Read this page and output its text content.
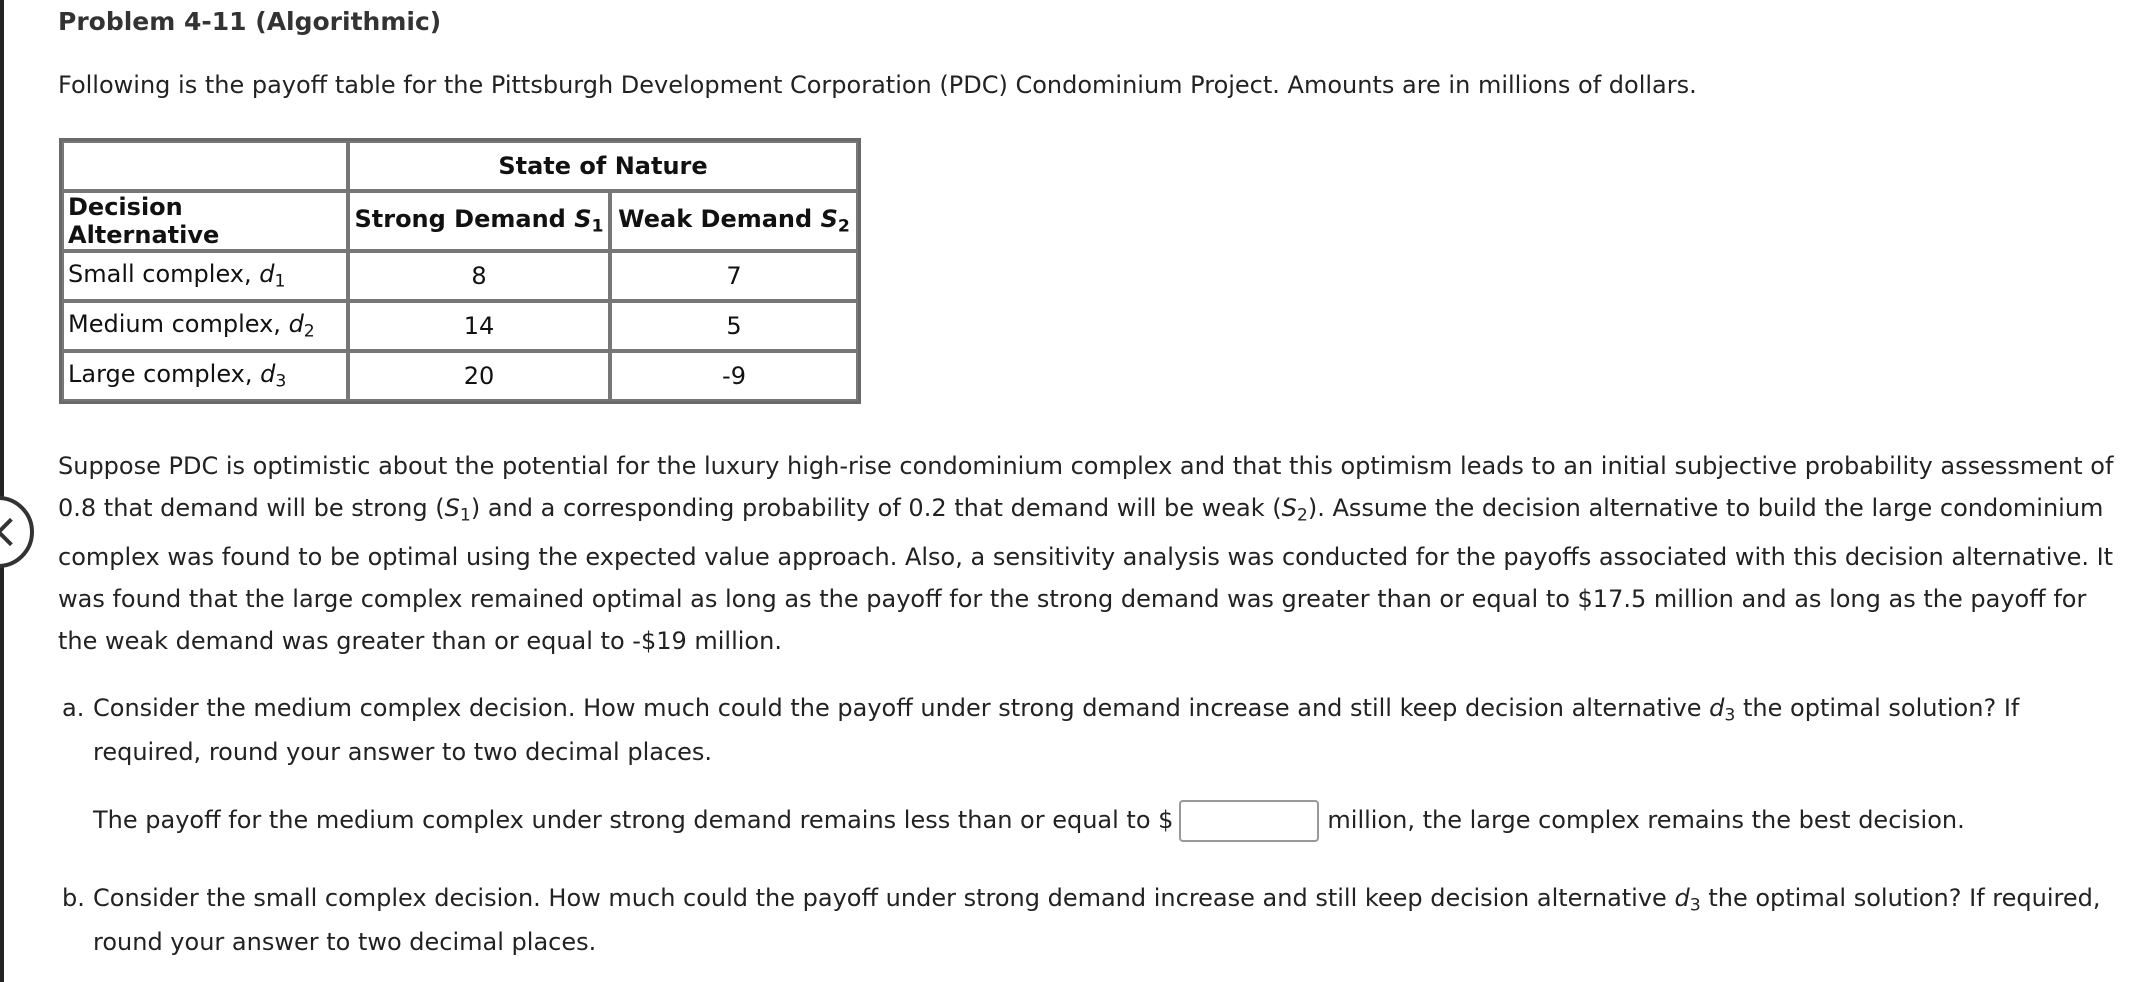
Problem 4-11 (Algorithmic)

Following is the payoff table for the Pittsburgh Development Corporation (PDC) Condominium Project. Amounts are in millions of dollars.

	State of Nature	
Decision Alternative	Strong Demand $S_1$	Weak Demand $S_2$
Small complex, $d_1$	8	7
Medium complex, $d_2$	14	5
Large complex, $d_3$	20	-9

Suppose PDC is optimistic about the potential for the luxury high-rise condominium complex and that this optimism leads to an initial subjective probability assessment of 0.8 that demand will be strong $(S_1)$ and a corresponding probability of 0.2 that demand will be weak $(S_2)$. Assume the decision alternative to build the large condominium complex was found to be optimal using the expected value approach. Also, a sensitivity analysis was conducted for the payoffs associated with this decision alternative. It was found that the large complex remained optimal as long as the payoff for the strong demand was greater than or equal to $17.5 million and as long as the payoff for the weak demand was greater than or equal to -$19 million.

a. Consider the medium complex decision. How much could the payoff under strong demand increase and still keep decision alternative $d_3$ the optimal solution? If required, round your answer to two decimal places.
The payoff for the medium complex under strong demand remains less than or equal to $	million, the large complex remains the best decision.
b. Consider the small complex decision. How much could the payoff under strong demand increase and still keep decision alternative $d_3$ the optimal solution? If required, round your answer to two decimal places.
